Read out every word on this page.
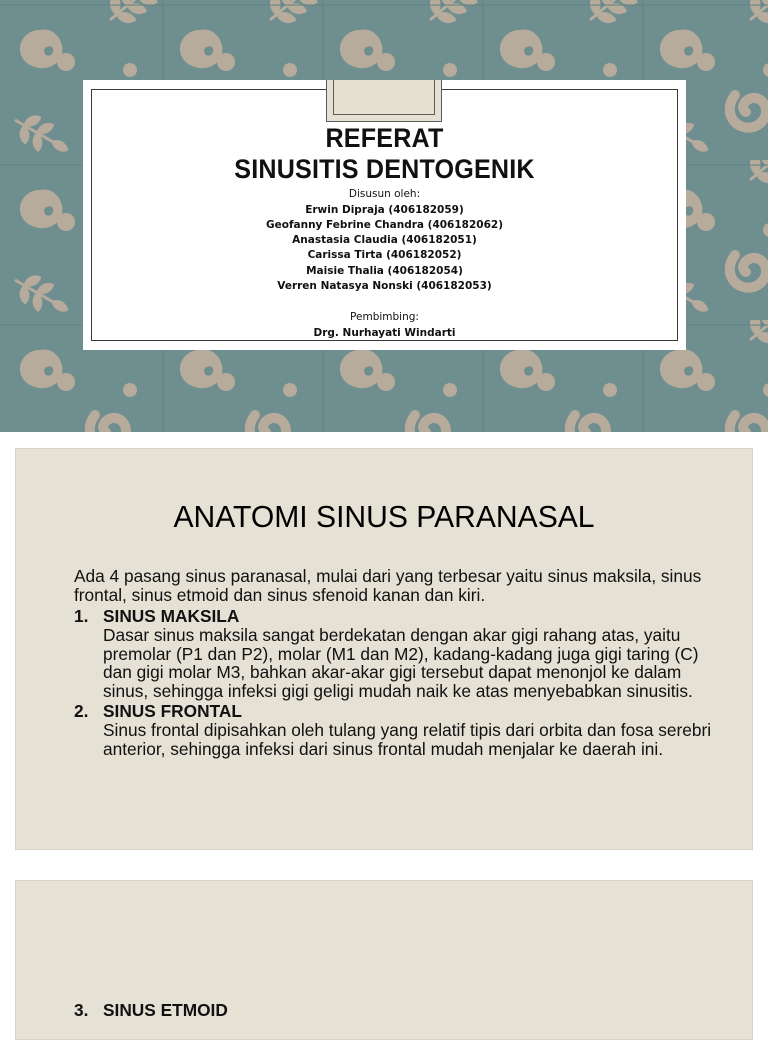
REFERAT
SINUSITIS DENTOGENIK
Disusun oleh:
Erwin Dipraja (406182059)
Geofanny Febrine Chandra (406182062)
Anastasia Claudia (406182051)
Carissa Tirta (406182052)
Maisie Thalia (406182054)
Verren Natasya Nonski (406182053)
Pembimbing:
Drg. Nurhayati Windarti
ANATOMI SINUS PARANASAL

Ada 4 pasang sinus paranasal, mulai dari yang terbesar yaitu sinus maksila, sinus frontal, sinus etmoid dan sinus sfenoid kanan dan kiri.

1. SINUS MAKSILA
Dasar sinus maksila sangat berdekatan dengan akar gigi rahang atas, yaitu premolar (P1 dan P2), molar (M1 dan M2), kadang-kadang juga gigi taring (C) dan gigi molar M3, bahkan akar-akar gigi tersebut dapat menonjol ke dalam sinus, sehingga infeksi gigi geligi mudah naik ke atas menyebabkan sinusitis.
2. SINUS FRONTAL
Sinus frontal dipisahkan oleh tulang yang relatif tipis dari orbita dan fosa serebri anterior, sehingga infeksi dari sinus frontal mudah menjalar ke daerah ini.
3. SINUS ETMOID
